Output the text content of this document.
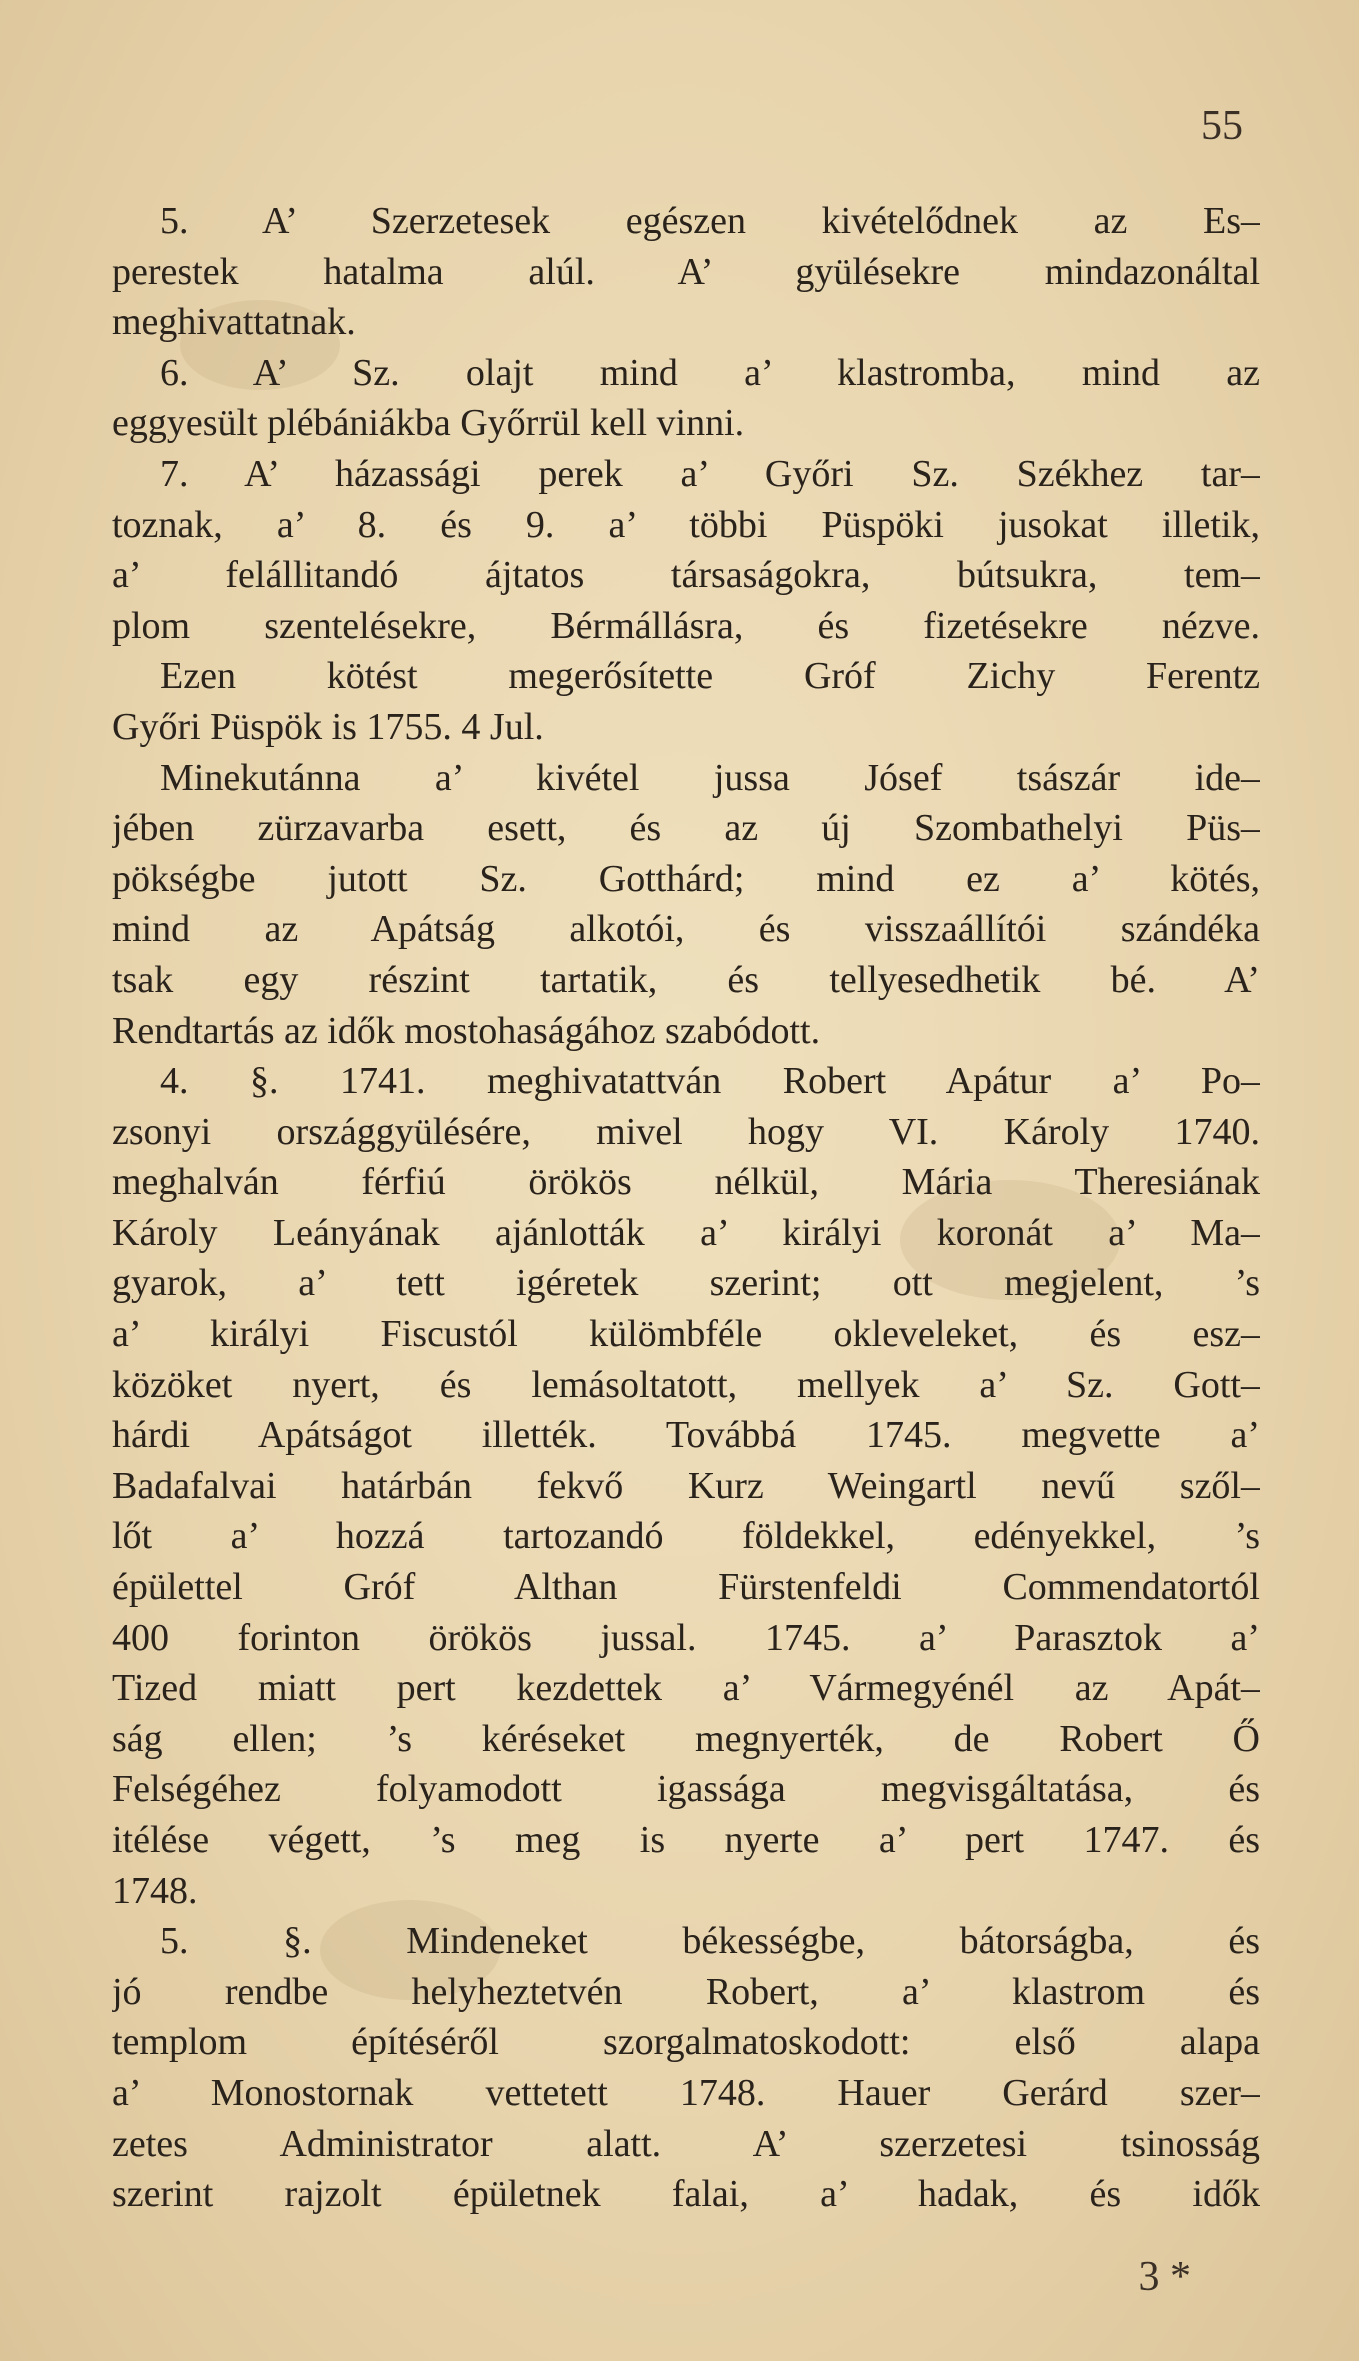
55
5. A’ Szerzetesek egészen kivételődnek az Es–
perestek hatalma alúl. A’ gyülésekre mindazonáltal
meghivattatnak.
6. A’ Sz. olajt mind a’ klastromba, mind az
eggyesült plébániákba Győrrül kell vinni.
7. A’ házassági perek a’ Győri Sz. Székhez tar–
toznak, a’ 8. és 9. a’ többi Püspöki jusokat illetik,
a’ felállitandó ájtatos társaságokra, bútsukra, tem–
plom szentelésekre, Bérmállásra, és fizetésekre nézve.
Ezen kötést megerősítette Gróf Zichy Ferentz
Győri Püspök is 1755. 4 Jul.
Minekutánna a’ kivétel jussa Jósef tsászár ide–
jében zürzavarba esett, és az új Szombathelyi Püs–
pökségbe jutott Sz. Gotthárd; mind ez a’ kötés,
mind az Apátság alkotói, és visszaállítói szándéka
tsak egy részint tartatik, és tellyesedhetik bé. A’
Rendtartás az idők mostohaságához szabódott.
4. §. 1741. meghivatattván Robert Apátur a’ Po–
zsonyi országgyülésére, mivel hogy VI. Károly 1740.
meghalván férfiú örökös nélkül, Mária Theresiának
Károly Leányának ajánlották a’ királyi koronát a’ Ma–
gyarok, a’ tett igéretek szerint; ott megjelent, ’s
a’ királyi Fiscustól külömbféle okleveleket, és esz–
közöket nyert, és lemásoltatott, mellyek a’ Sz. Gott–
hárdi Apátságot illették. Továbbá 1745. megvette a’
Badafalvai határbán fekvő Kurz Weingartl nevű szől–
lőt a’ hozzá tartozandó földekkel, edényekkel, ’s
épülettel Gróf Althan Fürstenfeldi Commendatortól
400 forinton örökös jussal. 1745. a’ Parasztok a’
Tized miatt pert kezdettek a’ Vármegyénél az Apát–
ság ellen; ’s kéréseket megnyerték, de Robert Ő
Felségéhez folyamodott igassága megvisgáltatása, és
itélése végett, ’s meg is nyerte a’ pert 1747. és
1748.
5. §. Mindeneket békességbe, bátorságba, és
jó rendbe helyheztetvén Robert, a’ klastrom és
templom építéséről szorgalmatoskodott: első alapa
a’ Monostornak vettetett 1748. Hauer Gerárd szer–
zetes Administrator alatt. A’ szerzetesi tsinosság
szerint rajzolt épületnek falai, a’ hadak, és idők
3 *
